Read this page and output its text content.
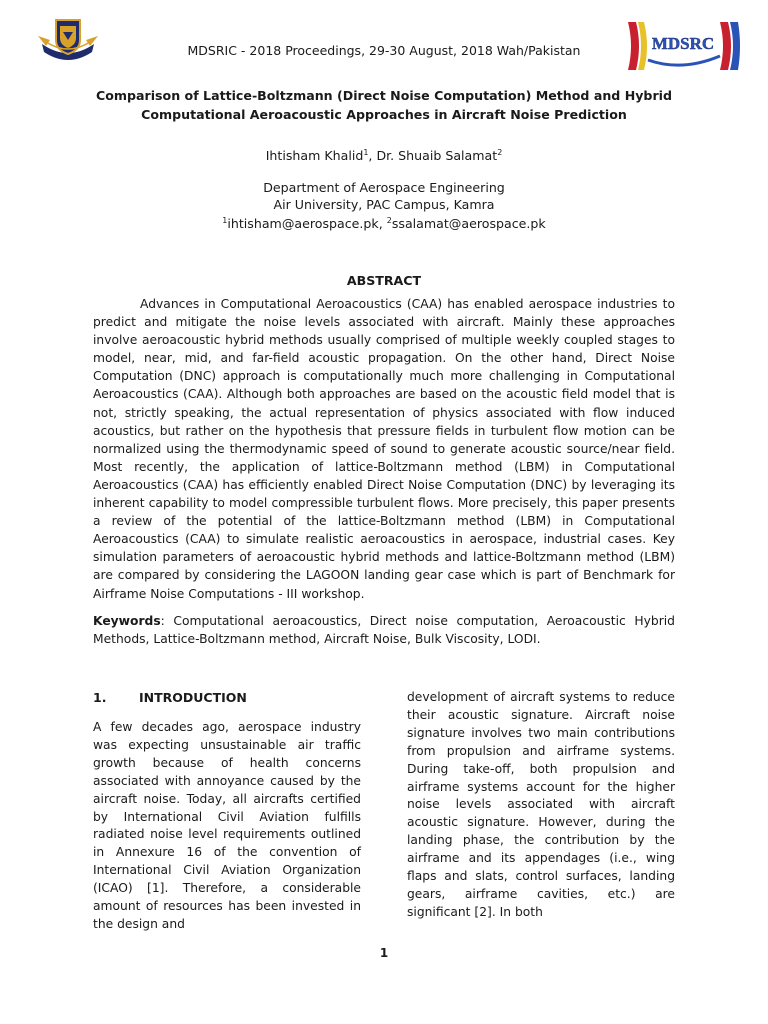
MDSRIC - 2018 Proceedings, 29-30 August, 2018 Wah/Pakistan	MDSRC
Comparison of Lattice-Boltzmann (Direct Noise Computation) Method and Hybrid
Computational Aeroacoustic Approaches in Aircraft Noise Prediction
Ihtisham Khalid$^1$, Dr. Shuaib Salamat$^2$
Department of Aerospace Engineering
Air University, PAC Campus, Kamra
$^1$ihtisham@aerospace.pk, $^2$ssalamat@aerospace.pk
ABSTRACT

Advances in Computational Aeroacoustics (CAA) has enabled aerospace industries to predict and mitigate the noise levels associated with aircraft. Mainly these approaches involve aeroacoustic hybrid methods usually comprised of multiple weekly coupled stages to model, near, mid, and far-field acoustic propagation. On the other hand, Direct Noise Computation (DNC) approach is computationally much more challenging in Computational Aeroacoustics (CAA). Although both approaches are based on the acoustic field model that is not, strictly speaking, the actual representation of physics associated with flow induced acoustics, but rather on the hypothesis that pressure fields in turbulent flow motion can be normalized using the thermodynamic speed of sound to generate acoustic source/near field. Most recently, the application of lattice-Boltzmann method (LBM) in Computational Aeroacoustics (CAA) has efficiently enabled Direct Noise Computation (DNC) by leveraging its inherent capability to model compressible turbulent flows. More precisely, this paper presents a review of the potential of the lattice-Boltzmann method (LBM) in Computational Aeroacoustics (CAA) to simulate realistic aeroacoustics in aerospace, industrial cases. Key simulation parameters of aeroacoustic hybrid methods and lattice-Boltzmann method (LBM) are compared by considering the LAGOON landing gear case which is part of Benchmark for Airframe Noise Computations - III workshop.

Keywords: Computational aeroacoustics, Direct noise computation, Aeroacoustic Hybrid Methods, Lattice-Boltzmann method, Aircraft Noise, Bulk Viscosity, LODI.

1.	INTRODUCTION

A few decades ago, aerospace industry was expecting unsustainable air traffic growth because of health concerns associated with annoyance caused by the aircraft noise. Today, all aircrafts certified by International Civil Aviation fulfills radiated noise level requirements outlined in Annexure 16 of the convention of International Civil Aviation Organization (ICAO) [1]. Therefore, a considerable amount of resources has been invested in the design and

development of aircraft systems to reduce their acoustic signature. Aircraft noise signature involves two main contributions from propulsion and airframe systems. During take-off, both propulsion and airframe systems account for the higher noise levels associated with aircraft acoustic signature. However, during the landing phase, the contribution by the airframe and its appendages (i.e., wing flaps and slats, control surfaces, landing gears, airframe cavities, etc.) are significant [2]. In both

1
